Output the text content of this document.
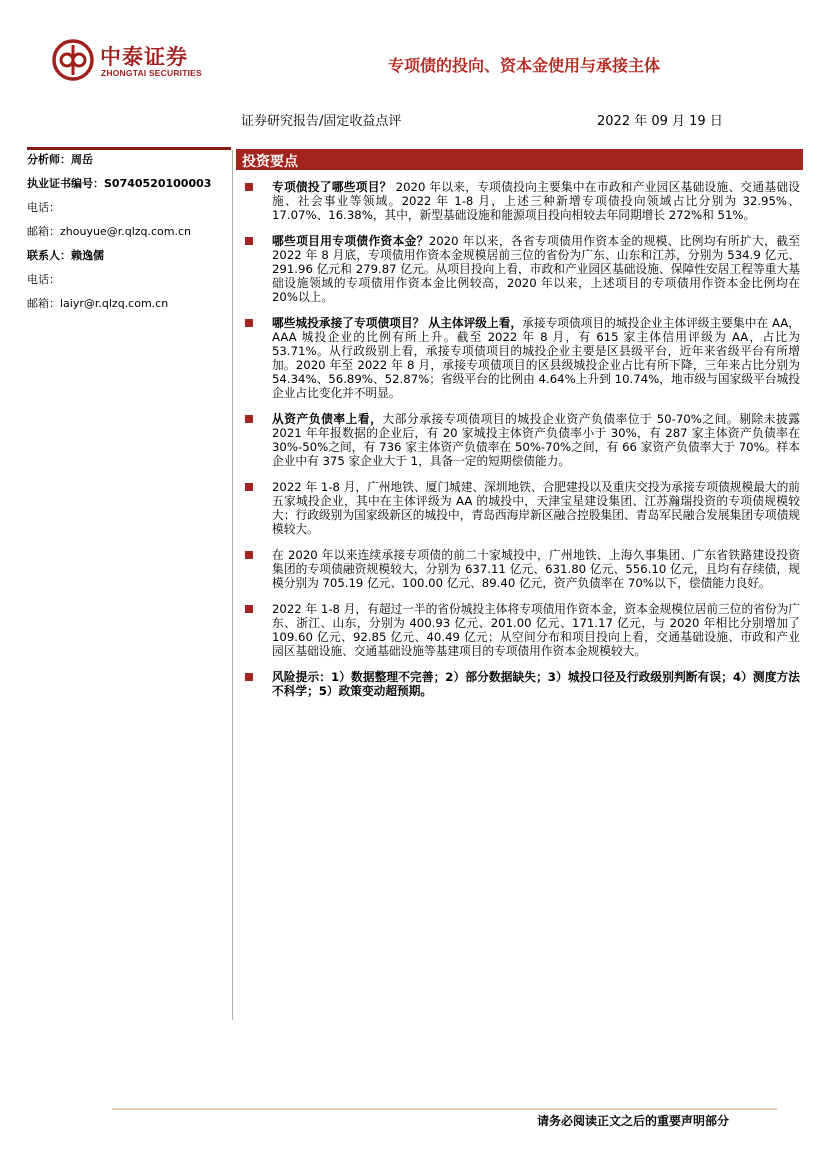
中泰证券
ZHONGTAI SECURITIES	专项债的投向、资本金使用与承接主体
证券研究报告/固定收益点评	2022 年 09 月 19 日
分析师：周岳
执业证书编号：S0740520100003
电话：
邮箱：zhouyue@r.qlzq.com.cn
联系人：赖逸儒
电话：
邮箱：laiyr@r.qlzq.com.cn
投资要点
专项债投了哪些项目？ 2020 年以来，专项债投向主要集中在市政和产业园区基础设施、交通基础设施、社会事业等领域。2022 年 1-8 月，上述三种新增专项债投向领域占比分别为 32.95%、17.07%、16.38%，其中，新型基础设施和能源项目投向相较去年同期增长 272%和 51%。
哪些项目用专项债作资本金？2020 年以来，各省专项债用作资本金的规模、比例均有所扩大，截至 2022 年 8 月底，专项债用作资本金规模居前三位的省份为广东、山东和江苏，分别为 534.9 亿元、291.96 亿元和 279.87 亿元。从项目投向上看，市政和产业园区基础设施、保障性安居工程等重大基础设施领域的专项债用作资本金比例较高，2020 年以来，上述项目的专项债用作资本金比例均在 20%以上。
哪些城投承接了专项债项目？ 从主体评级上看，承接专项债项目的城投企业主体评级主要集中在 AA，AAA 城投企业的比例有所上升。截至 2022 年 8 月，有 615 家主体信用评级为 AA，占比为 53.71%。从行政级别上看，承接专项债项目的城投企业主要是区县级平台，近年来省级平台有所增加。2020 年至 2022 年 8 月，承接专项债项目的区县级城投企业占比有所下降，三年来占比分别为 54.34%、56.89%、52.87%；省级平台的比例由 4.64%上升到 10.74%，地市级与国家级平台城投企业占比变化并不明显。
从资产负债率上看，大部分承接专项债项目的城投企业资产负债率位于 50-70%之间。剔除未披露 2021 年年报数据的企业后，有 20 家城投主体资产负债率小于 30%，有 287 家主体资产负债率在 30%-50%之间，有 736 家主体资产负债率在 50%-70%之间，有 66 家资产负债率大于 70%。样本企业中有 375 家企业大于 1，具备一定的短期偿债能力。
2022 年 1-8 月，广州地铁、厦门城建、深圳地铁、合肥建投以及重庆交投为承接专项债规模最大的前五家城投企业，其中在主体评级为 AA 的城投中，天津宝星建设集团、江苏瀚瑞投资的专项债规模较大；行政级别为国家级新区的城投中，青岛西海岸新区融合控股集团、青岛军民融合发展集团专项债规模较大。
在 2020 年以来连续承接专项债的前二十家城投中，广州地铁、上海久事集团、广东省铁路建设投资集团的专项债融资规模较大，分别为 637.11 亿元、631.80 亿元、556.10 亿元，且均有存续债，规模分别为 705.19 亿元、100.00 亿元、89.40 亿元，资产负债率在 70%以下，偿债能力良好。
2022 年 1-8 月，有超过一半的省份城投主体将专项债用作资本金，资本金规模位居前三位的省份为广东、浙江、山东，分别为 400.93 亿元、201.00 亿元、171.17 亿元，与 2020 年相比分别增加了 109.60 亿元、92.85 亿元、40.49 亿元；从空间分布和项目投向上看，交通基础设施、市政和产业园区基础设施、交通基础设施等基建项目的专项债用作资本金规模较大。
风险提示：1）数据整理不完善；2）部分数据缺失；3）城投口径及行政级别判断有误；4）测度方法不科学；5）政策变动超预期。
请务必阅读正文之后的重要声明部分
